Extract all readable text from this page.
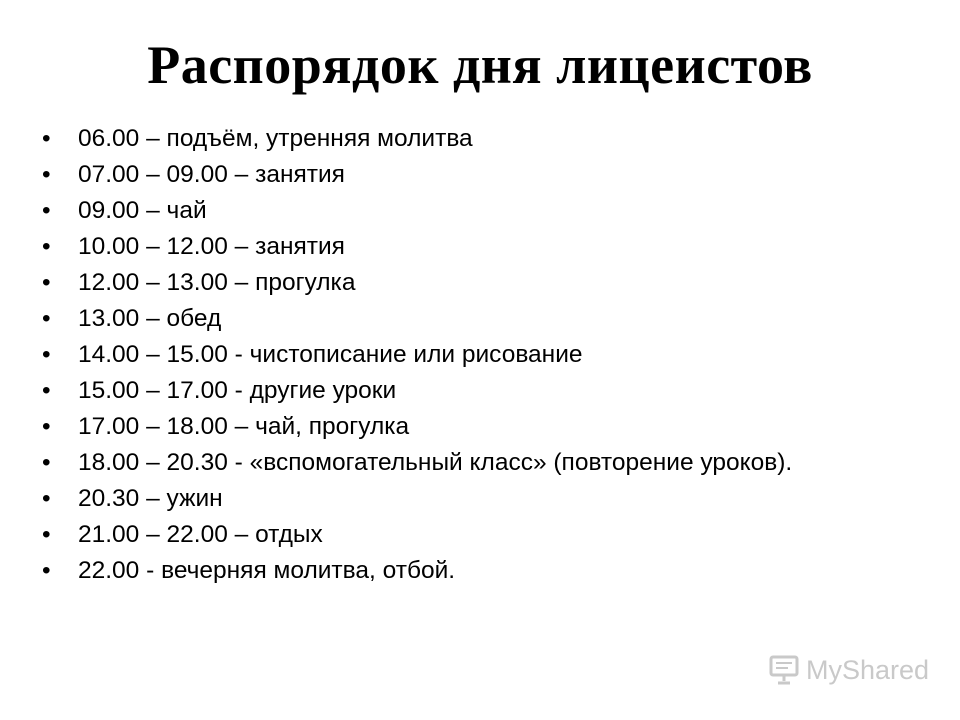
Распорядок дня лицеистов
• 06.00 – подъём, утренняя молитва
• 07.00 – 09.00 – занятия
• 09.00 – чай
• 10.00 – 12.00 – занятия
• 12.00 – 13.00 – прогулка
• 13.00 – обед
• 14.00 – 15.00 - чистописание или рисование
• 15.00 – 17.00 - другие уроки
• 17.00 – 18.00 – чай, прогулка
• 18.00 – 20.30 - «вспомогательный класс» (повторение уроков).
• 20.30 – ужин
• 21.00 – 22.00 – отдых
• 22.00 - вечерняя молитва, отбой.
MyShared
